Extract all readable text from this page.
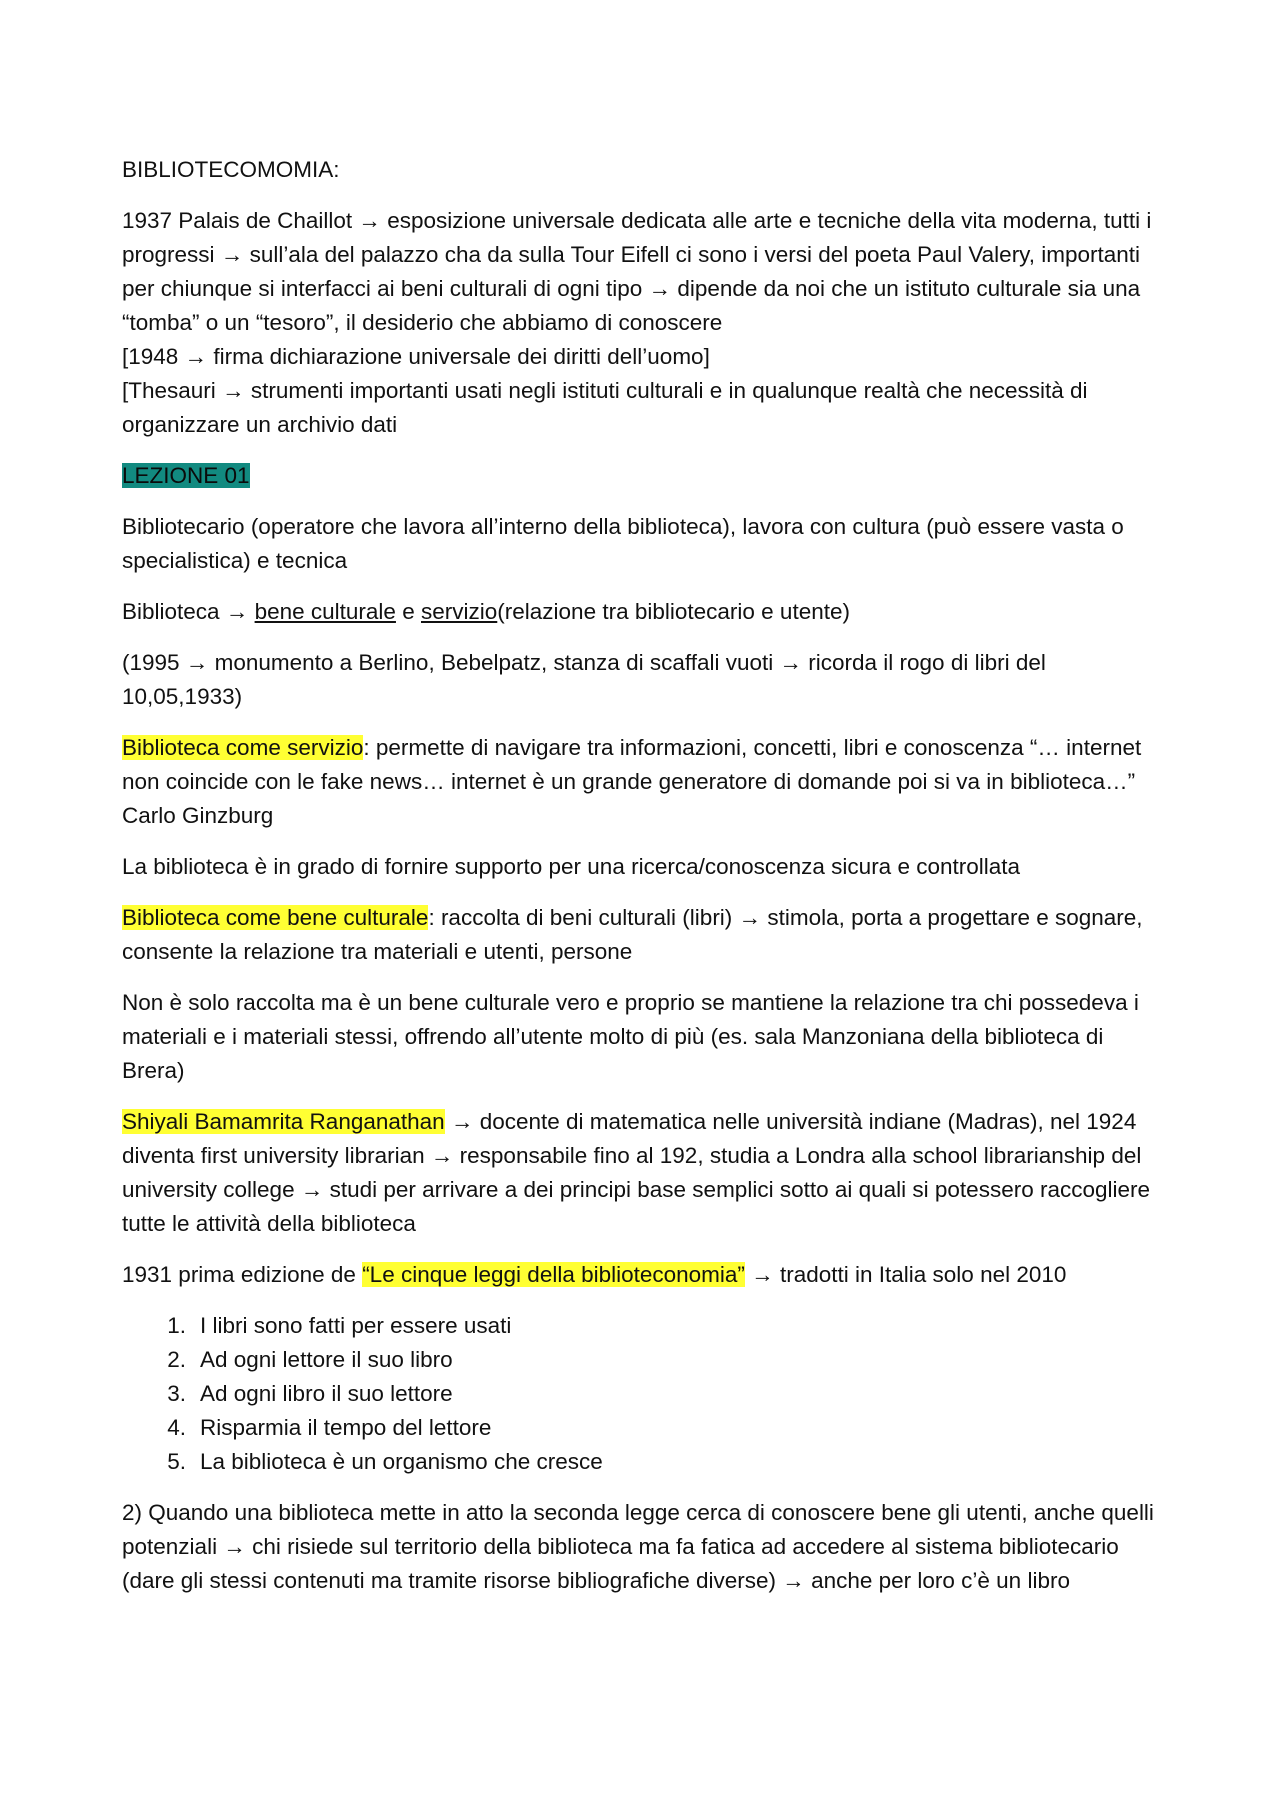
BIBLIOTECOMOMIA:

1937 Palais de Chaillot → esposizione universale dedicata alle arte e tecniche della vita moderna, tutti i progressi → sull’ala del palazzo cha da sulla Tour Eifell ci sono i versi del poeta Paul Valery, importanti per chiunque si interfacci ai beni culturali di ogni tipo → dipende da noi che un istituto culturale sia una “tomba” o un “tesoro”, il desiderio che abbiamo di conoscere
[1948 → firma dichiarazione universale dei diritti dell’uomo]
[Thesauri → strumenti importanti usati negli istituti culturali e in qualunque realtà che necessità di organizzare un archivio dati

LEZIONE 01

Bibliotecario (operatore che lavora all’interno della biblioteca), lavora con cultura (può essere vasta o specialistica) e tecnica

Biblioteca → bene culturale e servizio(relazione tra bibliotecario e utente)

(1995 → monumento a Berlino, Bebelpatz, stanza di scaffali vuoti → ricorda il rogo di libri del 10,05,1933)

Biblioteca come servizio: permette di navigare tra informazioni, concetti, libri e conoscenza “… internet non coincide con le fake news… internet è un grande generatore di domande poi si va in biblioteca…” Carlo Ginzburg

La biblioteca è in grado di fornire supporto per una ricerca/conoscenza sicura e controllata

Biblioteca come bene culturale: raccolta di beni culturali (libri) → stimola, porta a progettare e sognare, consente la relazione tra materiali e utenti, persone

Non è solo raccolta ma è un bene culturale vero e proprio se mantiene la relazione tra chi possedeva i materiali e i materiali stessi, offrendo all’utente molto di più (es. sala Manzoniana della biblioteca di Brera)

Shiyali Bamamrita Ranganathan → docente di matematica nelle università indiane (Madras), nel 1924 diventa first university librarian → responsabile fino al 192, studia a Londra alla school librarianship del university college → studi per arrivare a dei principi base semplici sotto ai quali si potessero raccogliere tutte le attività della biblioteca

1931 prima edizione de “Le cinque leggi della biblioteconomia” → tradotti in Italia solo nel 2010

1. I libri sono fatti per essere usati
2. Ad ogni lettore il suo libro
3. Ad ogni libro il suo lettore
4. Risparmia il tempo del lettore
5. La biblioteca è un organismo che cresce

2) Quando una biblioteca mette in atto la seconda legge cerca di conoscere bene gli utenti, anche quelli potenziali → chi risiede sul territorio della biblioteca ma fa fatica ad accedere al sistema bibliotecario (dare gli stessi contenuti ma tramite risorse bibliografiche diverse) → anche per loro c’è un libro
